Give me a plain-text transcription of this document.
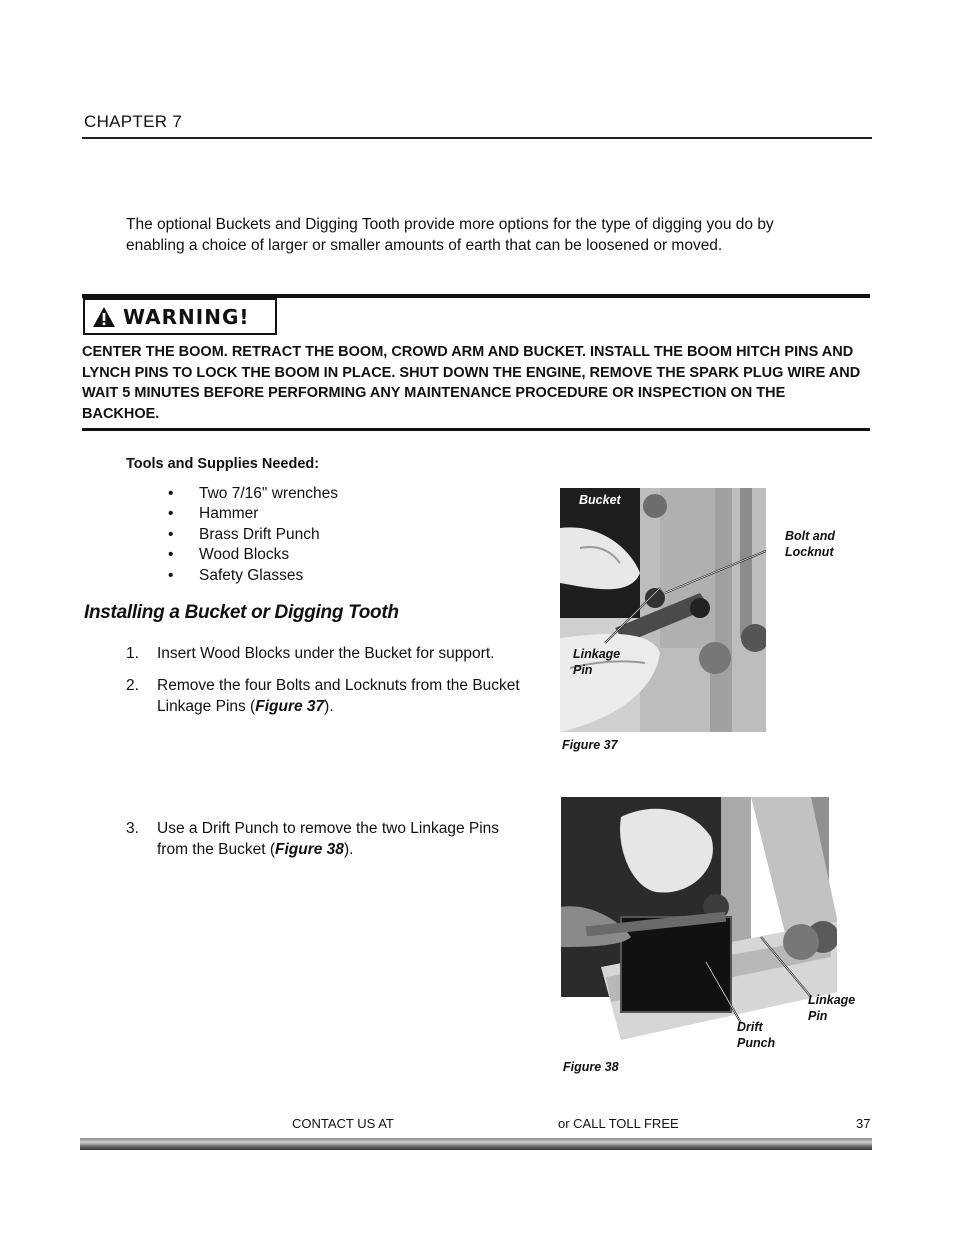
CHAPTER 7
The optional Buckets and Digging Tooth provide more options for the type of digging you do by enabling a choice of larger or smaller amounts of earth that can be loosened or moved.
WARNING!
CENTER THE BOOM. RETRACT THE BOOM, CROWD ARM AND BUCKET. INSTALL THE BOOM HITCH PINS AND LYNCH PINS TO LOCK THE BOOM IN PLACE. SHUT DOWN THE ENGINE, REMOVE THE SPARK PLUG WIRE AND WAIT 5 MINUTES BEFORE PERFORMING ANY MAINTENANCE PROCEDURE OR INSPECTION ON THE BACKHOE.
Tools and Supplies Needed:
• Two 7/16" wrenches
• Hammer
• Brass Drift Punch
• Wood Blocks
• Safety Glasses
Installing a Bucket or Digging Tooth
1. Insert Wood Blocks under the Bucket for support.
2. Remove the four Bolts and Locknuts from the Bucket Linkage Pins (Figure 37).
3. Use a Drift Punch to remove the two Linkage Pins from the Bucket (Figure 38).
Bucket
Linkage
Pin
Bolt and
Locknut
Figure 37
Linkage
Pin
Drift
Punch
Figure 38
CONTACT US AT	or CALL TOLL FREE	37
